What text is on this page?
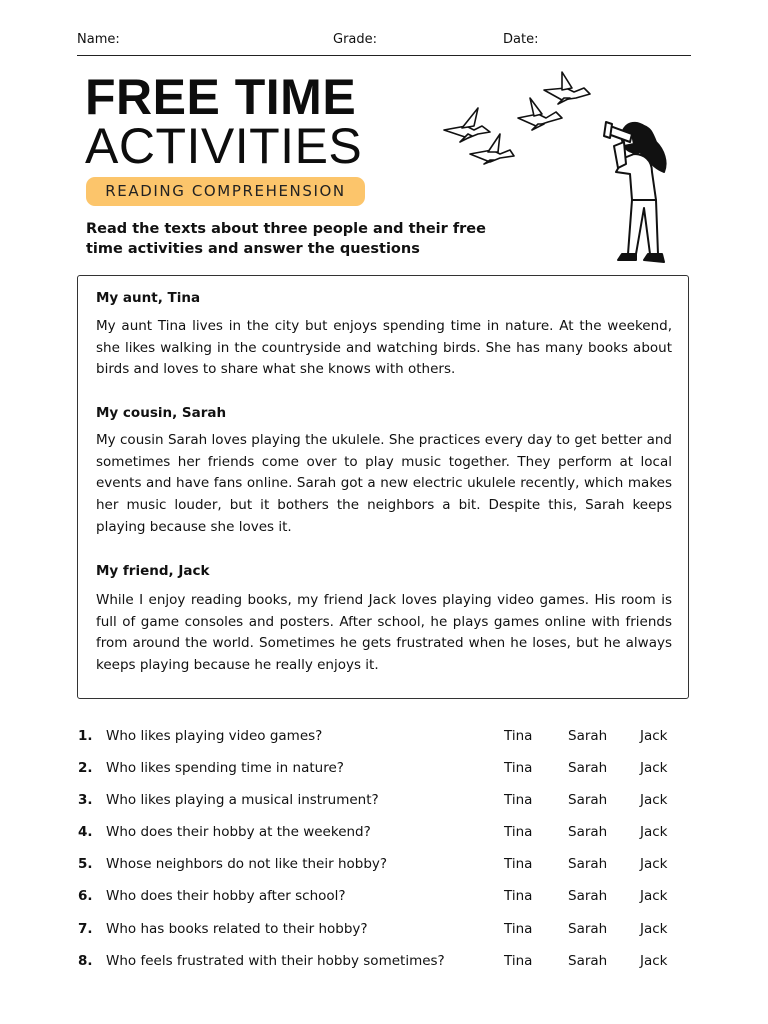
Name:	Grade:	Date:
FREE TIME
ACTIVITIES
READING COMPREHENSION
Read the texts about three people and their free time activities and answer the questions
My aunt, Tina
My aunt Tina lives in the city but enjoys spending time in nature. At the weekend, she likes walking in the countryside and watching birds. She has many books about birds and loves to share what she knows with others.
My cousin, Sarah
My cousin Sarah loves playing the ukulele. She practices every day to get better and sometimes her friends come over to play music together. They perform at local events and have fans online. Sarah got a new electric ukulele recently, which makes her music louder, but it bothers the neighbors a bit. Despite this, Sarah keeps playing because she loves it.
My friend, Jack
While I enjoy reading books, my friend Jack loves playing video games. His room is full of game consoles and posters. After school, he plays games online with friends from around the world. Sometimes he gets frustrated when he loses, but he always keeps playing because he really enjoys it.
1. Who likes playing video games?	Tina	Sarah Jack
2. Who likes spending time in nature?	Tina	Sarah Jack
3. Who likes playing a musical instrument?	Tina	Sarah Jack
4. Who does their hobby at the weekend?	Tina	Sarah Jack
5. Whose neighbors do not like their hobby?	Tina	Sarah Jack
6. Who does their hobby after school?	Tina	Sarah Jack
7. Who has books related to their hobby?	Tina	Sarah Jack
8. Who feels frustrated with their hobby sometimes?	Tina	Sarah Jack
